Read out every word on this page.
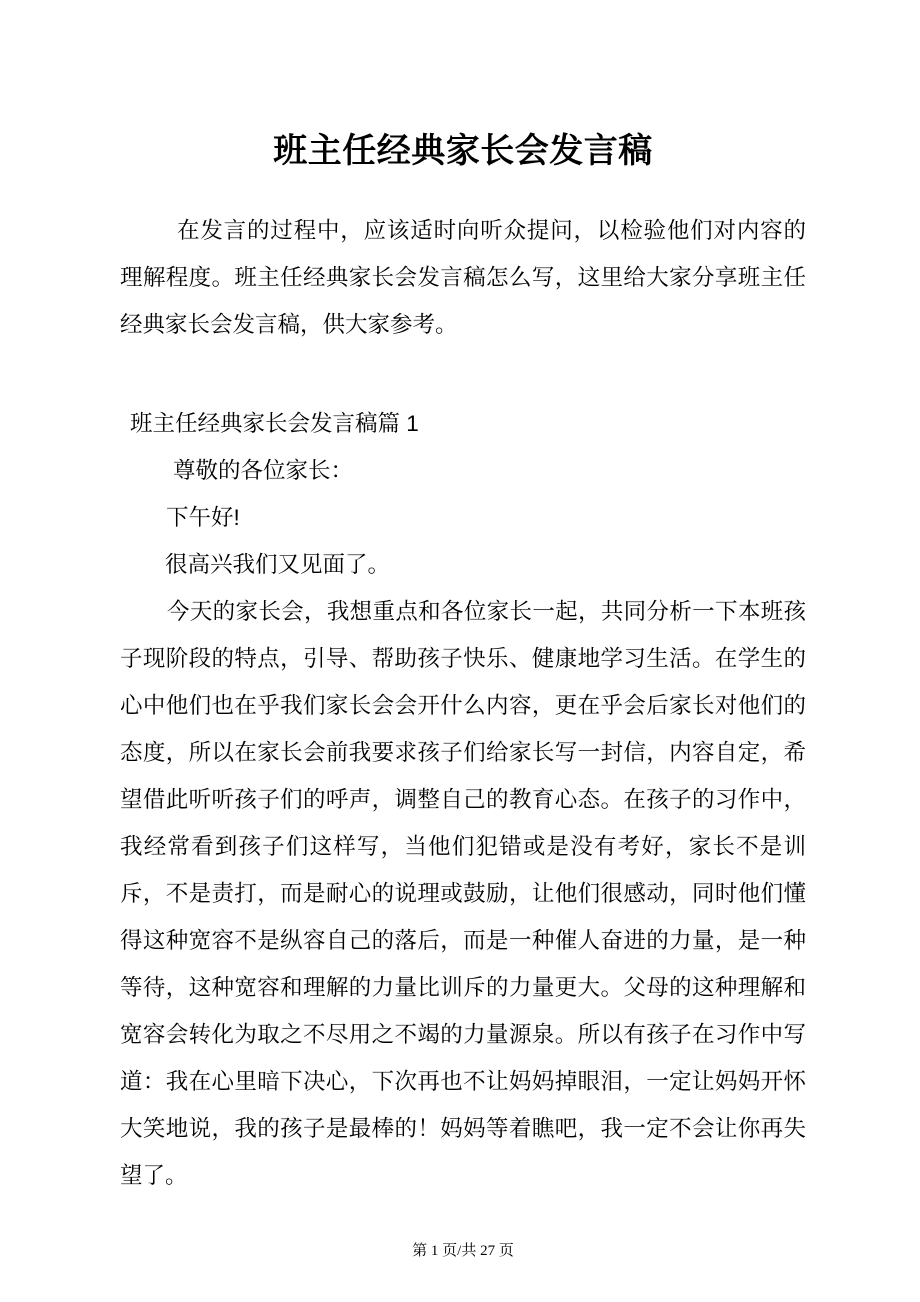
班主任经典家长会发言稿

在发言的过程中，应该适时向听众提问，以检验他们对内容的理解程度。班主任经典家长会发言稿怎么写，这里给大家分享班主任经典家长会发言稿，供大家参考。

班主任经典家长会发言稿篇 1

尊敬的各位家长：

下午好!

很高兴我们又见面了。

今天的家长会，我想重点和各位家长一起，共同分析一下本班孩子现阶段的特点，引导、帮助孩子快乐、健康地学习生活。在学生的心中他们也在乎我们家长会会开什么内容，更在乎会后家长对他们的态度，所以在家长会前我要求孩子们给家长写一封信，内容自定，希望借此听听孩子们的呼声，调整自己的教育心态。在孩子的习作中，我经常看到孩子们这样写，当他们犯错或是没有考好，家长不是训斥，不是责打，而是耐心的说理或鼓励，让他们很感动，同时他们懂得这种宽容不是纵容自己的落后，而是一种催人奋进的力量，是一种等待，这种宽容和理解的力量比训斥的力量更大。父母的这种理解和宽容会转化为取之不尽用之不竭的力量源泉。所以有孩子在习作中写道：我在心里暗下决心，下次再也不让妈妈掉眼泪，一定让妈妈开怀大笑地说，我的孩子是最棒的！妈妈等着瞧吧，我一定不会让你再失望了。

第 1 页/共 27 页
